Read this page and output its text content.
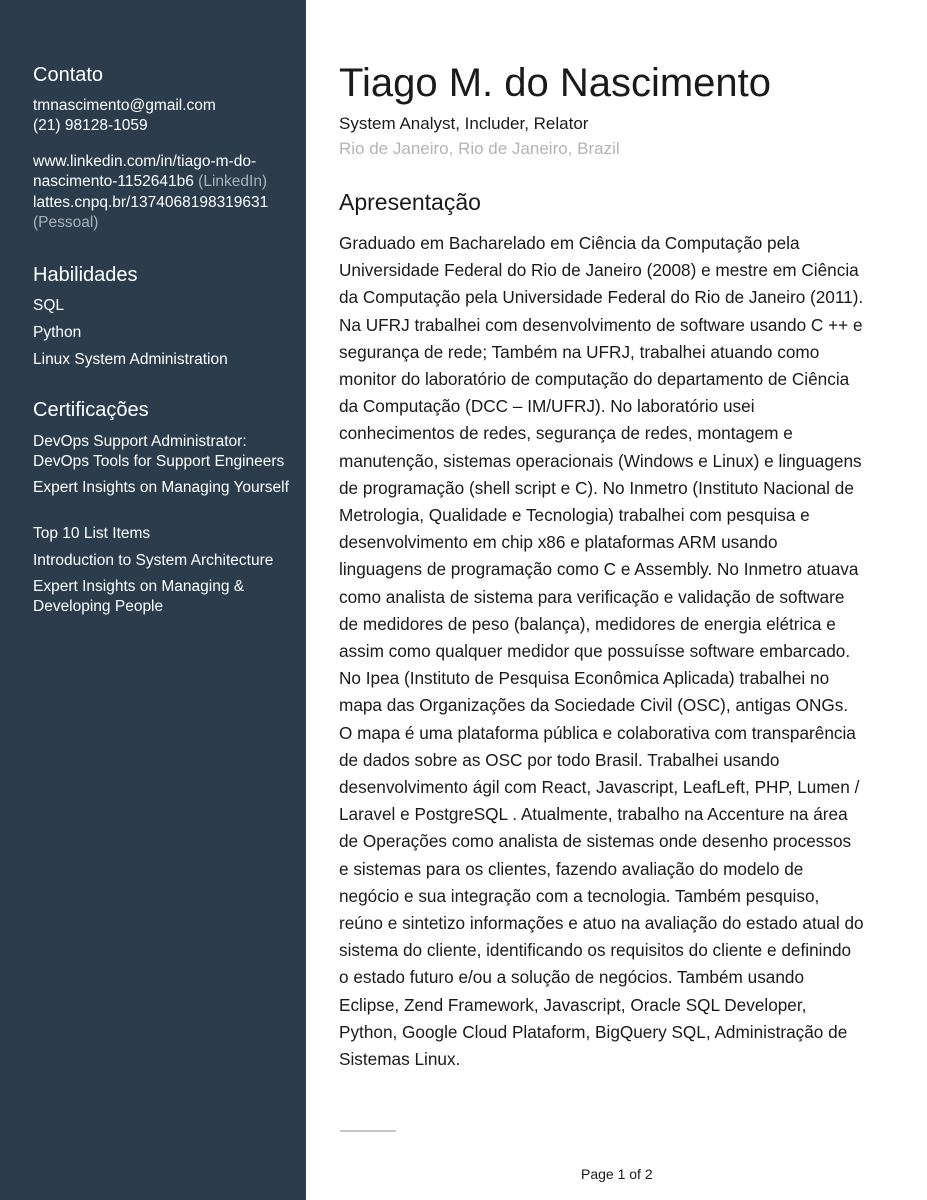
Contato
tmnascimento@gmail.com
(21) 98128-1059
www.linkedin.com/in/tiago-m-do-
nascimento-1152641b6 (LinkedIn)
lattes.cnpq.br/1374068198319631
(Pessoal)
Habilidades
SQL
Python
Linux System Administration
Certificações
DevOps Support Administrator: DevOps Tools for Support Engineers
Expert Insights on Managing Yourself
Top 10 List Items
Introduction to System Architecture
Expert Insights on Managing & Developing People
Tiago M. do Nascimento
System Analyst, Includer, Relator
Rio de Janeiro, Rio de Janeiro, Brazil
Apresentação
Graduado em Bacharelado em Ciência da Computação pela
Universidade Federal do Rio de Janeiro (2008) e mestre em Ciência
da Computação pela Universidade Federal do Rio de Janeiro (2011).
Na UFRJ trabalhei com desenvolvimento de software usando C ++ e
segurança de rede; Também na UFRJ, trabalhei atuando como
monitor do laboratório de computação do departamento de Ciência
da Computação (DCC – IM/UFRJ). No laboratório usei
conhecimentos de redes, segurança de redes, montagem e
manutenção, sistemas operacionais (Windows e Linux) e linguagens
de programação (shell script e C). No Inmetro (Instituto Nacional de
Metrologia, Qualidade e Tecnologia) trabalhei com pesquisa e
desenvolvimento em chip x86 e plataformas ARM usando
linguagens de programação como C e Assembly. No Inmetro atuava
como analista de sistema para verificação e validação de software
de medidores de peso (balança), medidores de energia elétrica e
assim como qualquer medidor que possuísse software embarcado.
No Ipea (Instituto de Pesquisa Econômica Aplicada) trabalhei no
mapa das Organizações da Sociedade Civil (OSC), antigas ONGs.
O mapa é uma plataforma pública e colaborativa com transparência
de dados sobre as OSC por todo Brasil. Trabalhei usando
desenvolvimento ágil com React, Javascript, LeafLeft, PHP, Lumen /
Laravel e PostgreSQL . Atualmente, trabalho na Accenture na área
de Operações como analista de sistemas onde desenho processos
e sistemas para os clientes, fazendo avaliação do modelo de
negócio e sua integração com a tecnologia. Também pesquiso,
reúno e sintetizo informações e atuo na avaliação do estado atual do
sistema do cliente, identificando os requisitos do cliente e definindo
o estado futuro e/ou a solução de negócios. Também usando
Eclipse, Zend Framework, Javascript, Oracle SQL Developer,
Python, Google Cloud Plataform, BigQuery SQL, Administração de
Sistemas Linux.
Page 1 of 2
